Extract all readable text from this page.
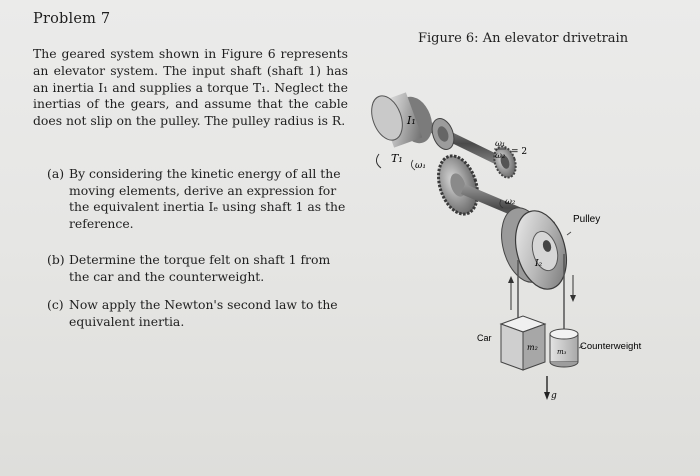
Problem 7
The geared system shown in Figure 6 represents an elevator system. The input shaft (shaft 1) has an inertia I₁ and supplies a torque T₁. Neglect the inertias of the gears, and assume that the cable does not slip on the pulley. The pulley radius is R.
(a) By considering the kinetic energy of all the moving elements, derive an expression for the equivalent inertia Iₑ using shaft 1 as the reference.
(b) Determine the torque felt on shaft 1 from the car and the counterweight.
(c) Now apply the Newton's second law to the equivalent inertia.
Figure 6: An elevator drivetrain
I₁
T₁
ω₁
ω₁
ω₂ = 2
ω₂
Pulley
I₂
Car
m₂	m₃ Counterweight
g
